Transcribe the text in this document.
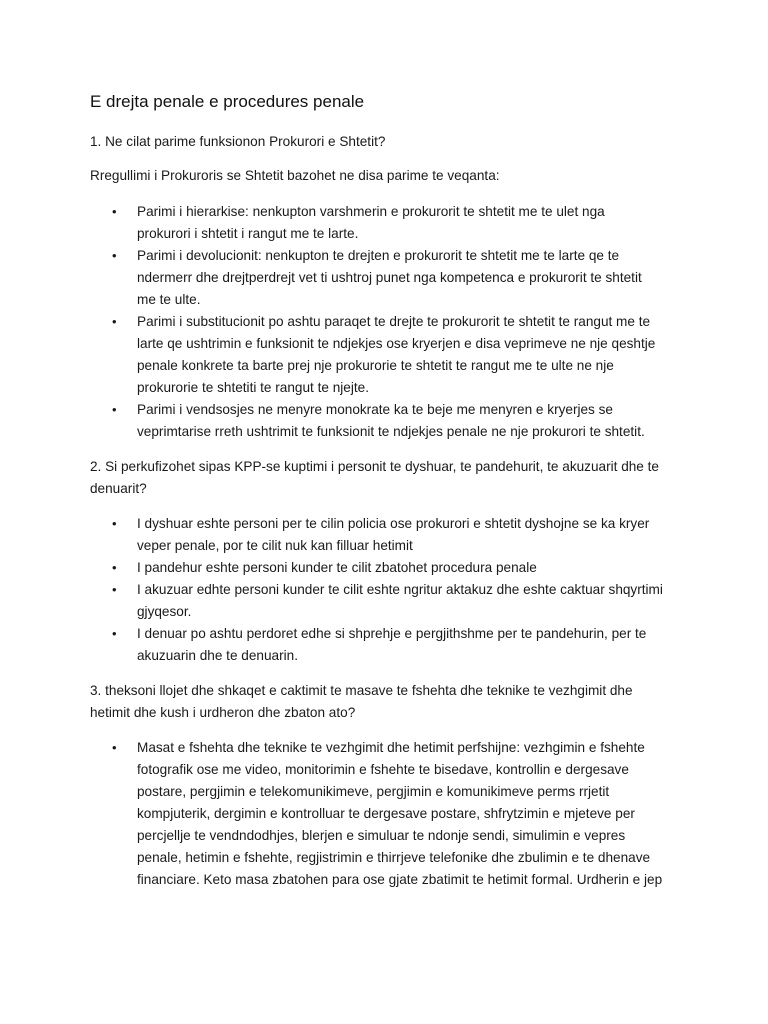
E drejta penale e procedures penale

1. Ne cilat parime funksionon Prokurori e Shtetit?

Rregullimi i Prokuroris se Shtetit bazohet ne disa parime te veqanta:

• Parimi i hierarkise: nenkupton varshmerin e prokurorit te shtetit me te ulet nga
prokurori i shtetit i rangut me te larte.
• Parimi i devolucionit: nenkupton te drejten e prokurorit te shtetit me te larte qe te
ndermerr dhe drejtperdrejt vet ti ushtroj punet nga kompetenca e prokurorit te shtetit
me te ulte.
• Parimi i substitucionit po ashtu paraqet te drejte te prokurorit te shtetit te rangut me te
larte qe ushtrimin e funksionit te ndjekjes ose kryerjen e disa veprimeve ne nje qeshtje
penale konkrete ta barte prej nje prokurorie te shtetit te rangut me te ulte ne nje
prokurorie te shtetiti te rangut te njejte.
• Parimi i vendsosjes ne menyre monokrate ka te beje me menyren e kryerjes se
veprimtarise rreth ushtrimit te funksionit te ndjekjes penale ne nje prokurori te shtetit.

2. Si perkufizohet sipas KPP-se kuptimi i personit te dyshuar, te pandehurit, te akuzuarit dhe te
denuarit?

• I dyshuar eshte personi per te cilin policia ose prokurori e shtetit dyshojne se ka kryer
veper penale, por te cilit nuk kan filluar hetimit
• I pandehur eshte personi kunder te cilit zbatohet procedura penale
• I akuzuar edhte personi kunder te cilit eshte ngritur aktakuz dhe eshte caktuar shqyrtimi
gjyqesor.
• I denuar po ashtu perdoret edhe si shprehje e pergjithshme per te pandehurin, per te
akuzuarin dhe te denuarin.

3. theksoni llojet dhe shkaqet e caktimit te masave te fshehta dhe teknike te vezhgimit dhe
hetimit dhe kush i urdheron dhe zbaton ato?

• Masat e fshehta dhe teknike te vezhgimit dhe hetimit perfshijne: vezhgimin e fshehte
fotografik ose me video, monitorimin e fshehte te bisedave, kontrollin e dergesave
postare, pergjimin e telekomunikimeve, pergjimin e komunikimeve perms rrjetit
kompjuterik, dergimin e kontrolluar te dergesave postare, shfrytzimin e mjeteve per
percjellje te vendndodhjes, blerjen e simuluar te ndonje sendi, simulimin e vepres
penale, hetimin e fshehte, regjistrimin e thirrjeve telefonike dhe zbulimin e te dhenave
financiare. Keto masa zbatohen para ose gjate zbatimit te hetimit formal. Urdherin e jep
